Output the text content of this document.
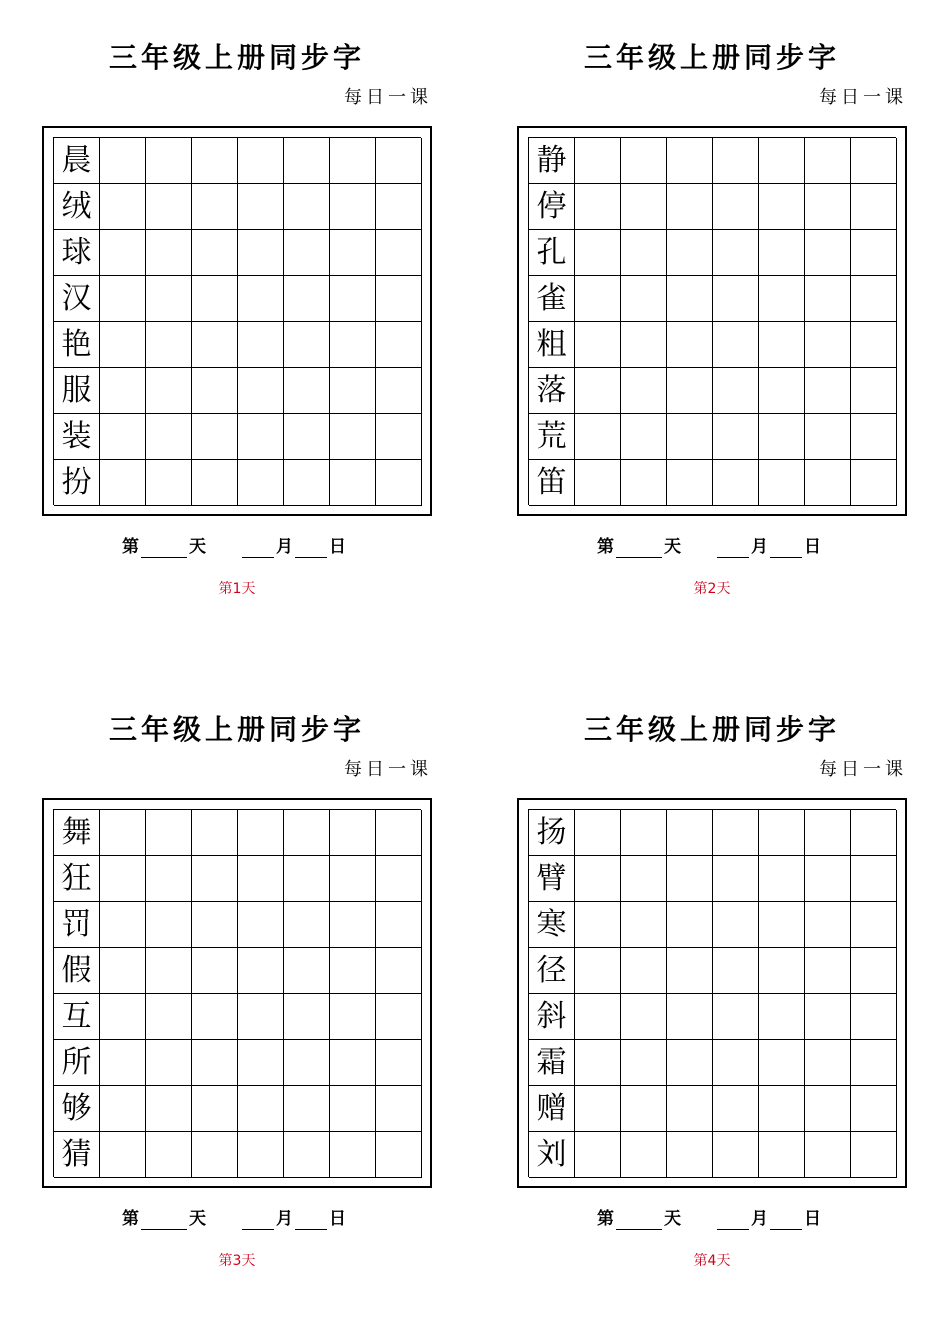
三年级上册同步字
每日一课
晨
绒
球
汉
艳
服
装
扮
第	天	月 日
第1天
三年级上册同步字
每日一课
静
停
孔
雀
粗
落
荒
笛
第	天	月 日
第2天
三年级上册同步字
每日一课
舞
狂
罚
假
互
所
够
猜
第	天	月 日
第3天
三年级上册同步字
每日一课
扬
臂
寒
径
斜
霜
赠
刘
第	天	月 日
第4天
